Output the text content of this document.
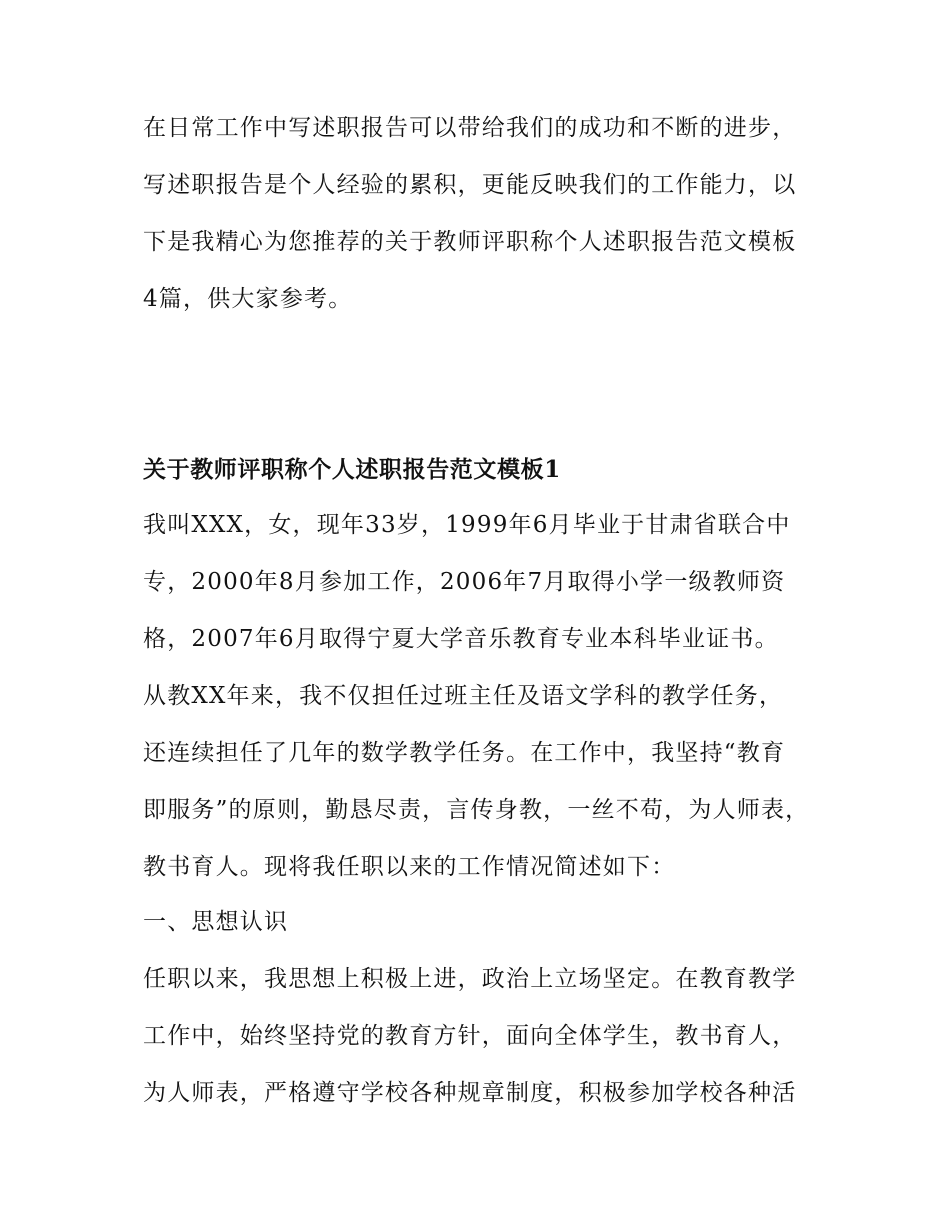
在日常工作中写述职报告可以带给我们的成功和不断的进步，
写述职报告是个人经验的累积，更能反映我们的工作能力，以
下是我精心为您推荐的关于教师评职称个人述职报告范文模板
4篇，供大家参考。
关于教师评职称个人述职报告范文模板1
我叫XXX，女，现年33岁，1999年6月毕业于甘肃省联合中
专，2000年8月参加工作，2006年7月取得小学一级教师资
格，2007年6月取得宁夏大学音乐教育专业本科毕业证书。
从教XX年来，我不仅担任过班主任及语文学科的教学任务，
还连续担任了几年的数学教学任务。在工作中，我坚持“教育
即服务”的原则，勤恳尽责，言传身教，一丝不苟，为人师表，
教书育人。现将我任职以来的工作情况简述如下：
一、思想认识
任职以来，我思想上积极上进，政治上立场坚定。在教育教学
工作中，始终坚持党的教育方针，面向全体学生，教书育人，
为人师表，严格遵守学校各种规章制度，积极参加学校各种活
